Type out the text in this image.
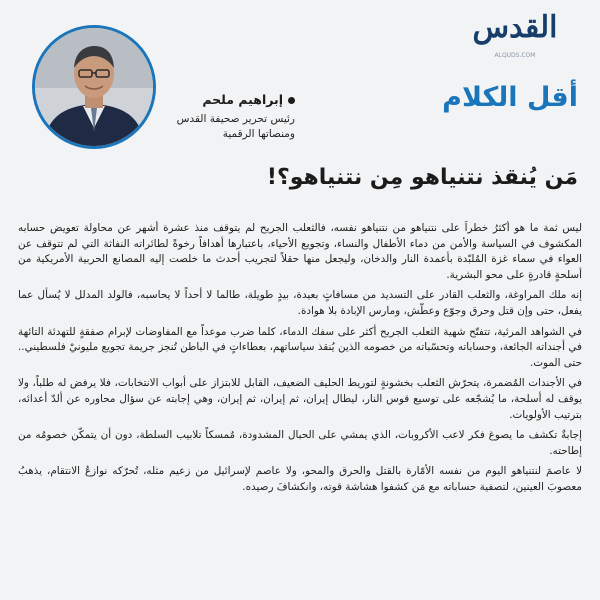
القدس
ALQUDS.COM
أقل الكلام
إبراهيم ملحم
رئيس تحرير صحيفة القدس
ومنصاتها الرقمية
مَن يُنقذ نتنياهو مِن نتنياهو؟!

ليس ثمة ما هو أكثرُ خطراً على نتنياهو من نتنياهو نفسه، فالثعلب الجريح لم يتوقف منذ عشرة أشهر عن محاولة تعويض حسابه المكشوف في السياسة والأمن من دماء الأطفال والنساء، وتجويع الأحياء، باعتبارها أهدافاً رخوةً لطائراته النفاثة التي لم تتوقف عن العواء في سماء غزة المُلبّدة بأعمدة النار والدخان، وليجعل منها حقلاً لتجريب أحدث ما خلصت إليه المصانع الحربية الأمريكية من أسلحةٍ قادرةٍ على محو البشرية.

إنه ملك المراوغة، والثعلب القادر على التسديد من مسافاتٍ بعيدة، بيدٍ طويلة، طالما لا أحداً لا يحاسبه، فالولد المدلل لا يُسأل عما يفعل، حتى وإن قتل وحرق وجوّع وعطّش، ومارس الإبادة بلا هوادة.

في الشواهد المرئية، تتفتّح شهية الثعلب الجريح أكثر على سفك الدماء، كلما ضرب موعداً مع المفاوضات لإبرام صفقةٍ للتهدئة التائهة في أجنداته الجائعة، وحساباته وتحسّباته من خصومه الذين يُنقذ سياساتهم، بعطاءاتٍ في الباطن تُنجز جريمة تجويع مليونيْ فلسطيني.. حتى الموت.

في الأجندات المُضمرة، يتحرّش الثعلب بخشونةٍ لتوريط الحليف الضعيف، القابل للابتزاز على أبواب الانتخابات، فلا يرفض له طلباً، ولا يوقف له أسلحة، ما يُشجّعه على توسيع قوس النار، ليطال إيران، ثم إيران، ثم إيران، وهي إجابته عن سؤال محاوره عن ألدّ أعدائه، بترتيب الأولويات.

إجابةٌ تكشف ما يصوغ فكر لاعب الأكروبات، الذي يمشي على الحبال المشدودة، مُمسكاً تلابيب السلطة، دون أن يتمكّن خصومُه من إطاحته.

لا عاصمَ لنتنياهو اليوم من نفسه الأمّارة بالقتل والحرق والمحو، ولا عاصم لإسرائيل من زعيم مثله، تُحرّكه نوازعُ الانتقام، يذهبُ معصوبَ العينين، لتصفية حساباته مع مَن كشفوا هشاشة قوته، وانكشافَ رصيده.
